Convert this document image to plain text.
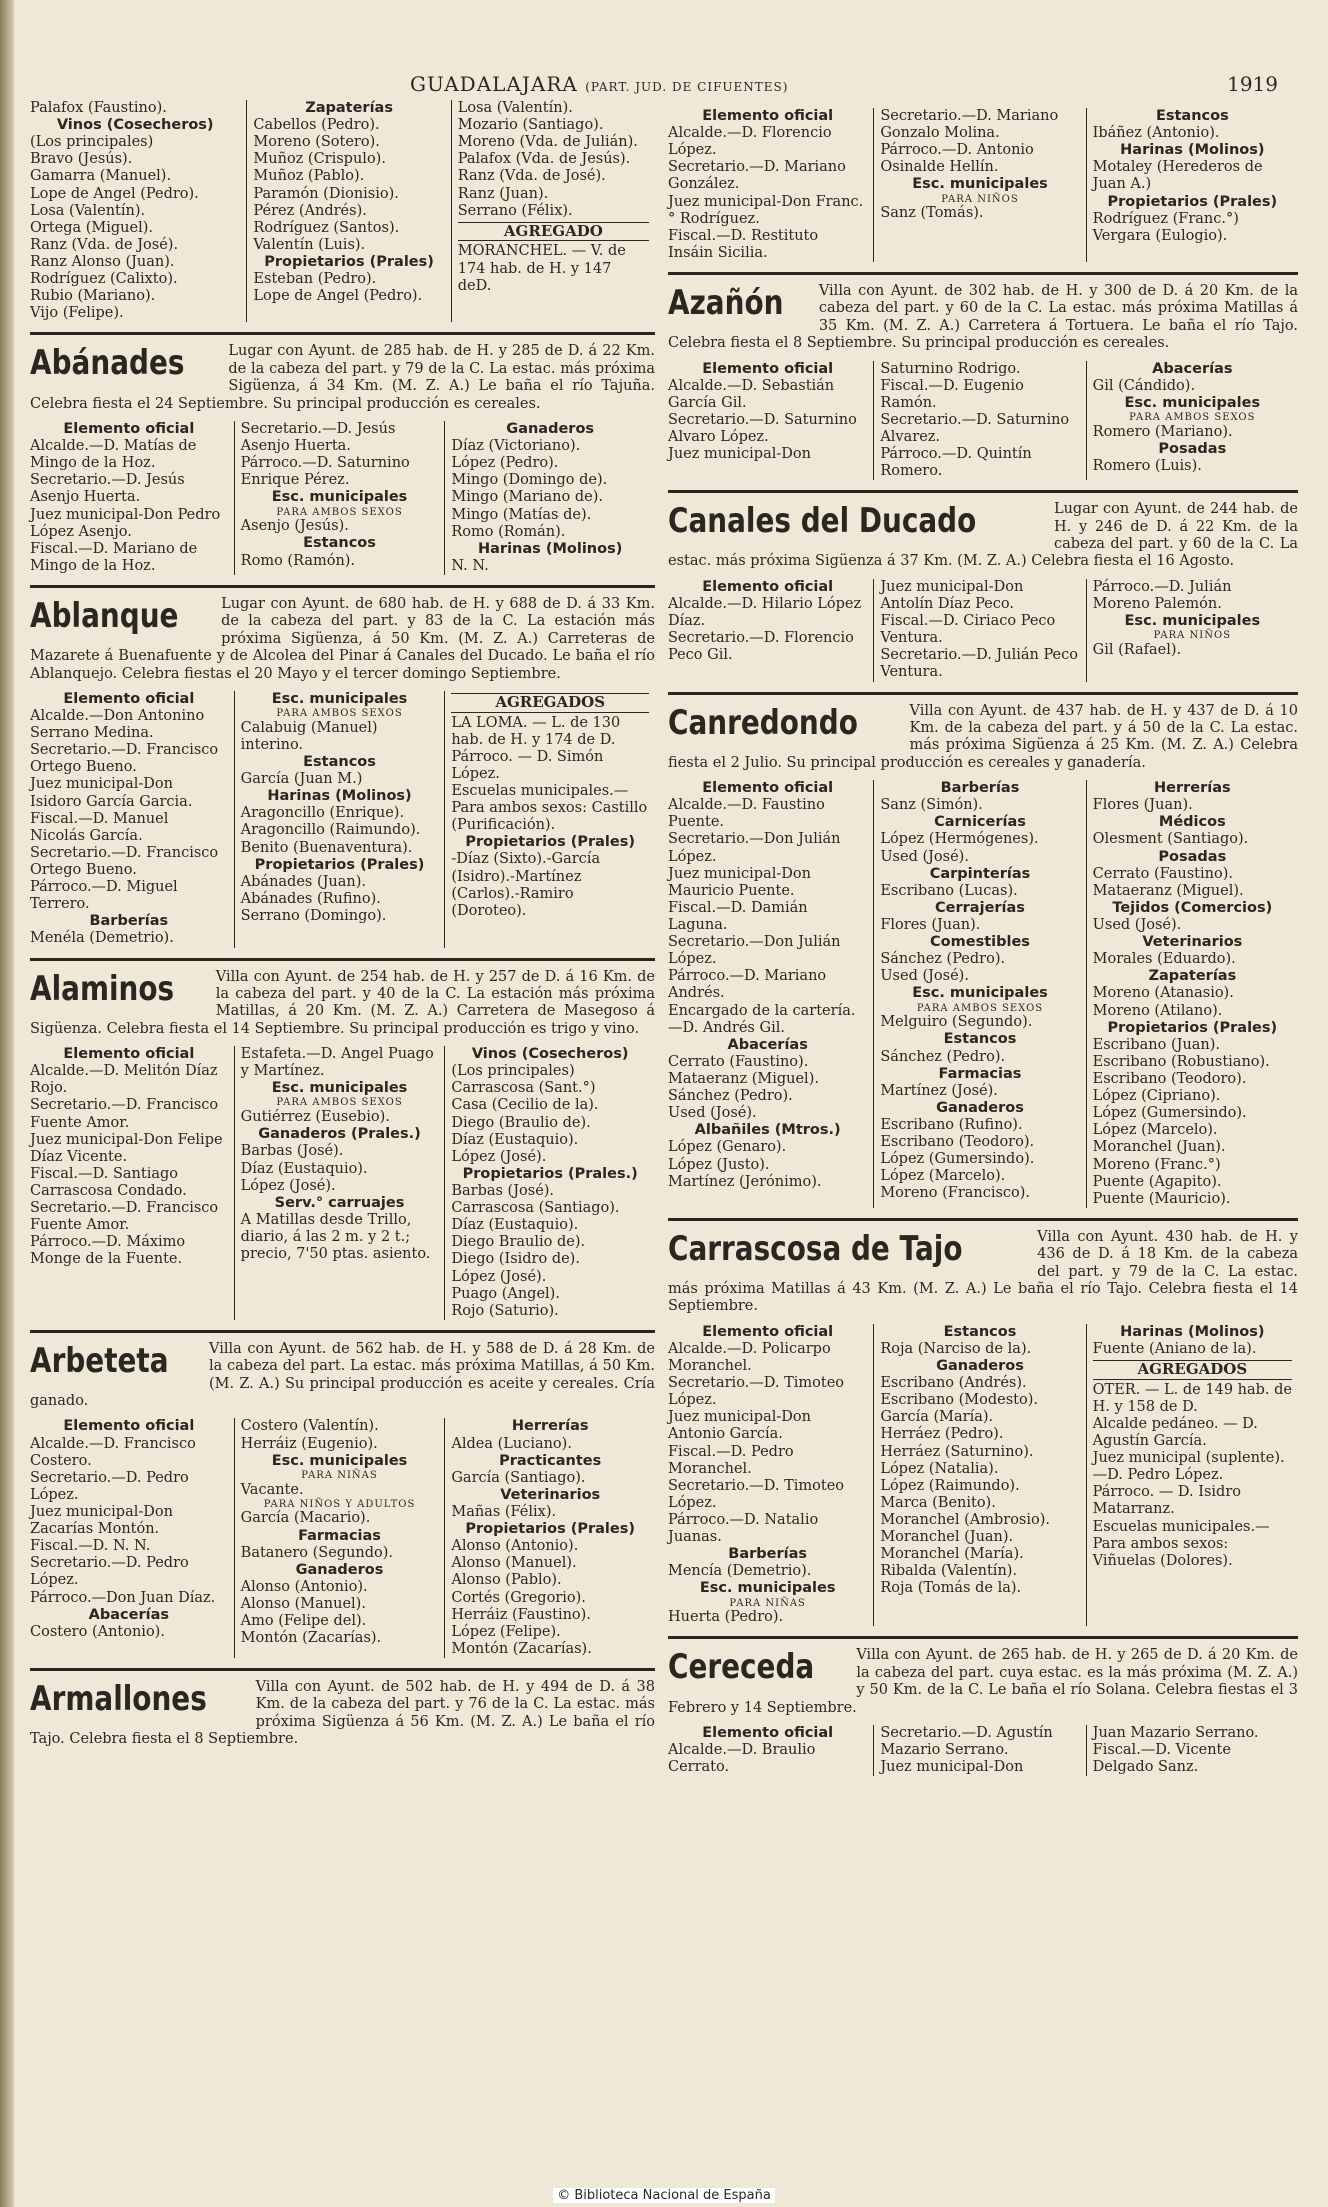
GUADALAJARA (PART. JUD. DE CIFUENTES)	1919
Palafox (Faustino).
Vinos (Cosecheros)
(Los principales)
Bravo (Jesús).
Gamarra (Manuel).
Lope de Angel (Pedro).
Losa (Valentín).
Ortega (Miguel).
Ranz (Vda. de José).
Ranz Alonso (Juan).
Rodríguez (Calixto).
Rubio (Mariano).
Vijo (Felipe).
Zapaterías
Cabellos (Pedro).
Moreno (Sotero).
Muñoz (Crispulo).
Muñoz (Pablo).
Paramón (Dionisio).
Pérez (Andrés).
Rodríguez (Santos).
Valentín (Luis).
Propietarios (Prales)
Esteban (Pedro).
Lope de Angel (Pedro).
Losa (Valentín).
Mozario (Santiago).
Moreno (Vda. de Julián).
Palafox (Vda. de Jesús).
Ranz (Vda. de José).
Ranz (Juan).
Serrano (Félix).
AGREGADO
MORANCHEL. — V. de 174 hab. de H. y 147 deD.
Abánades	Lugar con Ayunt. de 285 hab. de H. y 285 de D. á 22 Km. de la cabeza del part. y 79 de la C. La estac. más próxima Sigüenza, á 34 Km. (M. Z. A.) Le baña el río Tajuña. Celebra fiesta el 24 Septiembre. Su principal producción es cereales.
Elemento oficial
Alcalde.—D. Matías de Mingo de la Hoz.
Secretario.—D. Jesús Asenjo Huerta.
Juez municipal-Don Pedro López Asenjo.
Fiscal.—D. Mariano de Mingo de la Hoz.
Secretario.—D. Jesús Asenjo Huerta.
Párroco.—D. Saturnino Enrique Pérez.
Esc. municipales
PARA AMBOS SEXOS
Asenjo (Jesús).
Estancos
Romo (Ramón).
Ganaderos
Díaz (Victoriano).
López (Pedro).
Mingo (Domingo de).
Mingo (Mariano de).
Mingo (Matías de).
Romo (Román).
Harinas (Molinos)
N. N.
Ablanque	Lugar con Ayunt. de 680 hab. de H. y 688 de D. á 33 Km. de la cabeza del part. y 83 de la C. La estación más próxima Sigüenza, á 50 Km. (M. Z. A.) Carreteras de Mazarete á Buenafuente y de Alcolea del Pinar á Canales del Ducado. Le baña el río Ablanquejo. Celebra fiestas el 20 Mayo y el tercer domingo Septiembre.
Elemento oficial
Alcalde.—Don Antonino Serrano Medina.
Secretario.—D. Francisco Ortego Bueno.
Juez municipal-Don Isidoro García Garcia.
Fiscal.—D. Manuel Nicolás García.
Secretario.—D. Francisco Ortego Bueno.
Párroco.—D. Miguel Terrero.
Barberías
Menéla (Demetrio).
Esc. municipales
PARA AMBOS SEXOS
Calabuig (Manuel) interino.
Estancos
García (Juan M.)
Harinas (Molinos)
Aragoncillo (Enrique).
Aragoncillo (Raimundo).
Benito (Buenaventura).
Propietarios (Prales)
Abánades (Juan).
Abánades (Rufino).
Serrano (Domingo).
AGREGADOS
LA LOMA. — L. de 130 hab. de H. y 174 de D.
Párroco. — D. Simón López.
Escuelas municipales.—Para ambos sexos: Castillo (Purificación).
Propietarios (Prales)
-Díaz (Sixto).-García (Isidro).-Martínez (Carlos).-Ramiro (Doroteo).
Alaminos	Villa con Ayunt. de 254 hab. de H. y 257 de D. á 16 Km. de la cabeza del part. y 40 de la C. La estación más próxima Matillas, á 20 Km. (M. Z. A.) Carretera de Masegoso á Sigüenza. Celebra fiesta el 14 Septiembre. Su principal producción es trigo y vino.
Elemento oficial
Alcalde.—D. Melitón Díaz Rojo.
Secretario.—D. Francisco Fuente Amor.
Juez municipal-Don Felipe Díaz Vicente.
Fiscal.—D. Santiago Carrascosa Condado.
Secretario.—D. Francisco Fuente Amor.
Párroco.—D. Máximo Monge de la Fuente.
Estafeta.—D. Angel Puago y Martínez.
Esc. municipales
PARA AMBOS SEXOS
Gutiérrez (Eusebio).
Ganaderos (Prales.)
Barbas (José).
Díaz (Eustaquio).
López (José).
Serv.° carruajes
A Matillas desde Trillo, diario, á las 2 m. y 2 t.; precio, 7'50 ptas. asiento.
Vinos (Cosecheros)
(Los principales)
Carrascosa (Sant.°)
Casa (Cecilio de la).
Diego (Braulio de).
Díaz (Eustaquio).
López (José).
Propietarios (Prales.)
Barbas (José).
Carrascosa (Santiago).
Díaz (Eustaquio).
Diego Braulio de).
Diego (Isidro de).
López (José).
Puago (Angel).
Rojo (Saturio).
Arbeteta	Villa con Ayunt. de 562 hab. de H. y 588 de D. á 28 Km. de la cabeza del part. La estac. más próxima Matillas, á 50 Km. (M. Z. A.) Su principal producción es aceite y cereales. Cría ganado.
Elemento oficial
Alcalde.—D. Francisco Costero.
Secretario.—D. Pedro López.
Juez municipal-Don Zacarías Montón.
Fiscal.—D. N. N.
Secretario.—D. Pedro López.
Párroco.—Don Juan Díaz.
Abacerías
Costero (Antonio).
Costero (Valentín).
Herráiz (Eugenio).
Esc. municipales
PARA NIÑAS
Vacante.
PARA NIÑOS Y ADULTOS
García (Macario).
Farmacias
Batanero (Segundo).
Ganaderos
Alonso (Antonio).
Alonso (Manuel).
Amo (Felipe del).
Montón (Zacarías).
Herrerías
Aldea (Luciano).
Practicantes
García (Santiago).
Veterinarios
Mañas (Félix).
Propietarios (Prales)
Alonso (Antonio).
Alonso (Manuel).
Alonso (Pablo).
Cortés (Gregorio).
Herráiz (Faustino).
López (Felipe).
Montón (Zacarías).
Armallones	Villa con Ayunt. de 502 hab. de H. y 494 de D. á 38 Km. de la cabeza del part. y 76 de la C. La estac. más próxima Sigüenza á 56 Km. (M. Z. A.) Le baña el río Tajo. Celebra fiesta el 8 Septiembre.
Elemento oficial
Alcalde.—D. Florencio López.
Secretario.—D. Mariano González.
Juez municipal-Don Franc.° Rodríguez.
Fiscal.—D. Restituto Insáin Sicilia.
Secretario.—D. Mariano Gonzalo Molina.
Párroco.—D. Antonio Osinalde Hellín.
Esc. municipales
PARA NIÑOS
Sanz (Tomás).
Estancos
Ibáñez (Antonio).
Harinas (Molinos)
Motaley (Herederos de Juan A.)
Propietarios (Prales)
Rodríguez (Franc.°)
Vergara (Eulogio).
Azañón	Villa con Ayunt. de 302 hab. de H. y 300 de D. á 20 Km. de la cabeza del part. y 60 de la C. La estac. más próxima Matillas á 35 Km. (M. Z. A.) Carretera á Tortuera. Le baña el río Tajo. Celebra fiesta el 8 Septiembre. Su principal producción es cereales.
Elemento oficial
Alcalde.—D. Sebastián García Gil.
Secretario.—D. Saturnino Alvaro López.
Juez municipal-Don
Saturnino Rodrigo.
Fiscal.—D. Eugenio Ramón.
Secretario.—D. Saturnino Alvarez.
Párroco.—D. Quintín Romero.
Abacerías
Gil (Cándido).
Esc. municipales
PARA AMBOS SEXOS
Romero (Mariano).
Posadas
Romero (Luis).
Canales del Ducado	Lugar con Ayunt. de 244 hab. de H. y 246 de D. á 22 Km. de la cabeza del part. y 60 de la C. La estac. más próxima Sigüenza á 37 Km. (M. Z. A.) Celebra fiesta el 16 Agosto.
Elemento oficial
Alcalde.—D. Hilario López Díaz.
Secretario.—D. Florencio Peco Gil.
Juez municipal-Don Antolín Díaz Peco.
Fiscal.—D. Ciriaco Peco Ventura.
Secretario.—D. Julián Peco Ventura.
Párroco.—D. Julián Moreno Palemón.
Esc. municipales
PARA NIÑOS
Gil (Rafael).
Canredondo	Villa con Ayunt. de 437 hab. de H. y 437 de D. á 10 Km. de la cabeza del part. y á 50 de la C. La estac. más próxima Sigüenza á 25 Km. (M. Z. A.) Celebra fiesta el 2 Julio. Su principal producción es cereales y ganadería.
Elemento oficial
Alcalde.—D. Faustino Puente.
Secretario.—Don Julián López.
Juez municipal-Don Mauricio Puente.
Fiscal.—D. Damián Laguna.
Secretario.—Don Julián López.
Párroco.—D. Mariano Andrés.
Encargado de la cartería.—D. Andrés Gil.
Abacerías
Cerrato (Faustino).
Mataeranz (Miguel).
Sánchez (Pedro).
Used (José).
Albañiles (Mtros.)
López (Genaro).
López (Justo).
Martínez (Jerónimo).
Barberías
Sanz (Simón).
Carnicerías
López (Hermógenes).
Used (José).
Carpinterías
Escribano (Lucas).
Cerrajerías
Flores (Juan).
Comestibles
Sánchez (Pedro).
Used (José).
Esc. municipales
PARA AMBOS SEXOS
Melguiro (Segundo).
Estancos
Sánchez (Pedro).
Farmacias
Martínez (José).
Ganaderos
Escribano (Rufino).
Escribano (Teodoro).
López (Gumersindo).
López (Marcelo).
Moreno (Francisco).
Herrerías
Flores (Juan).
Médicos
Olesment (Santiago).
Posadas
Cerrato (Faustino).
Mataeranz (Miguel).
Tejidos (Comercios)
Used (José).
Veterinarios
Morales (Eduardo).
Zapaterías
Moreno (Atanasio).
Moreno (Atilano).
Propietarios (Prales)
Escribano (Juan).
Escribano (Robustiano).
Escribano (Teodoro).
López (Cipriano).
López (Gumersindo).
López (Marcelo).
Moranchel (Juan).
Moreno (Franc.°)
Puente (Agapito).
Puente (Mauricio).
Carrascosa de Tajo	Villa con Ayunt. 430 hab. de H. y 436 de D. á 18 Km. de la cabeza del part. y 79 de la C. La estac. más próxima Matillas á 43 Km. (M. Z. A.) Le baña el río Tajo. Celebra fiesta el 14 Septiembre.
Elemento oficial
Alcalde.—D. Policarpo Moranchel.
Secretario.—D. Timoteo López.
Juez municipal-Don Antonio García.
Fiscal.—D. Pedro Moranchel.
Secretario.—D. Timoteo López.
Párroco.—D. Natalio Juanas.
Barberías
Mencía (Demetrio).
Esc. municipales
PARA NIÑAS
Huerta (Pedro).
Estancos
Roja (Narciso de la).
Ganaderos
Escribano (Andrés).
Escribano (Modesto).
García (María).
Herráez (Pedro).
Herráez (Saturnino).
López (Natalia).
López (Raimundo).
Marca (Benito).
Moranchel (Ambrosio).
Moranchel (Juan).
Moranchel (María).
Ribalda (Valentín).
Roja (Tomás de la).
Harinas (Molinos)
Fuente (Aniano de la).
AGREGADOS
OTER. — L. de 149 hab. de H. y 158 de D.
Alcalde pedáneo. — D. Agustín García.
Juez municipal (suplente).—D. Pedro López.
Párroco. — D. Isidro Matarranz.
Escuelas municipales.—Para ambos sexos: Viñuelas (Dolores).
Cereceda	Villa con Ayunt. de 265 hab. de H. y 265 de D. á 20 Km. de la cabeza del part. cuya estac. es la más próxima (M. Z. A.) y 50 Km. de la C. Le baña el río Solana. Celebra fiestas el 3 Febrero y 14 Septiembre.
Elemento oficial
Alcalde.—D. Braulio Cerrato.
Secretario.—D. Agustín Mazario Serrano.
Juez municipal-Don
Juan Mazario Serrano.
Fiscal.—D. Vicente Delgado Sanz.
© Biblioteca Nacional de España
